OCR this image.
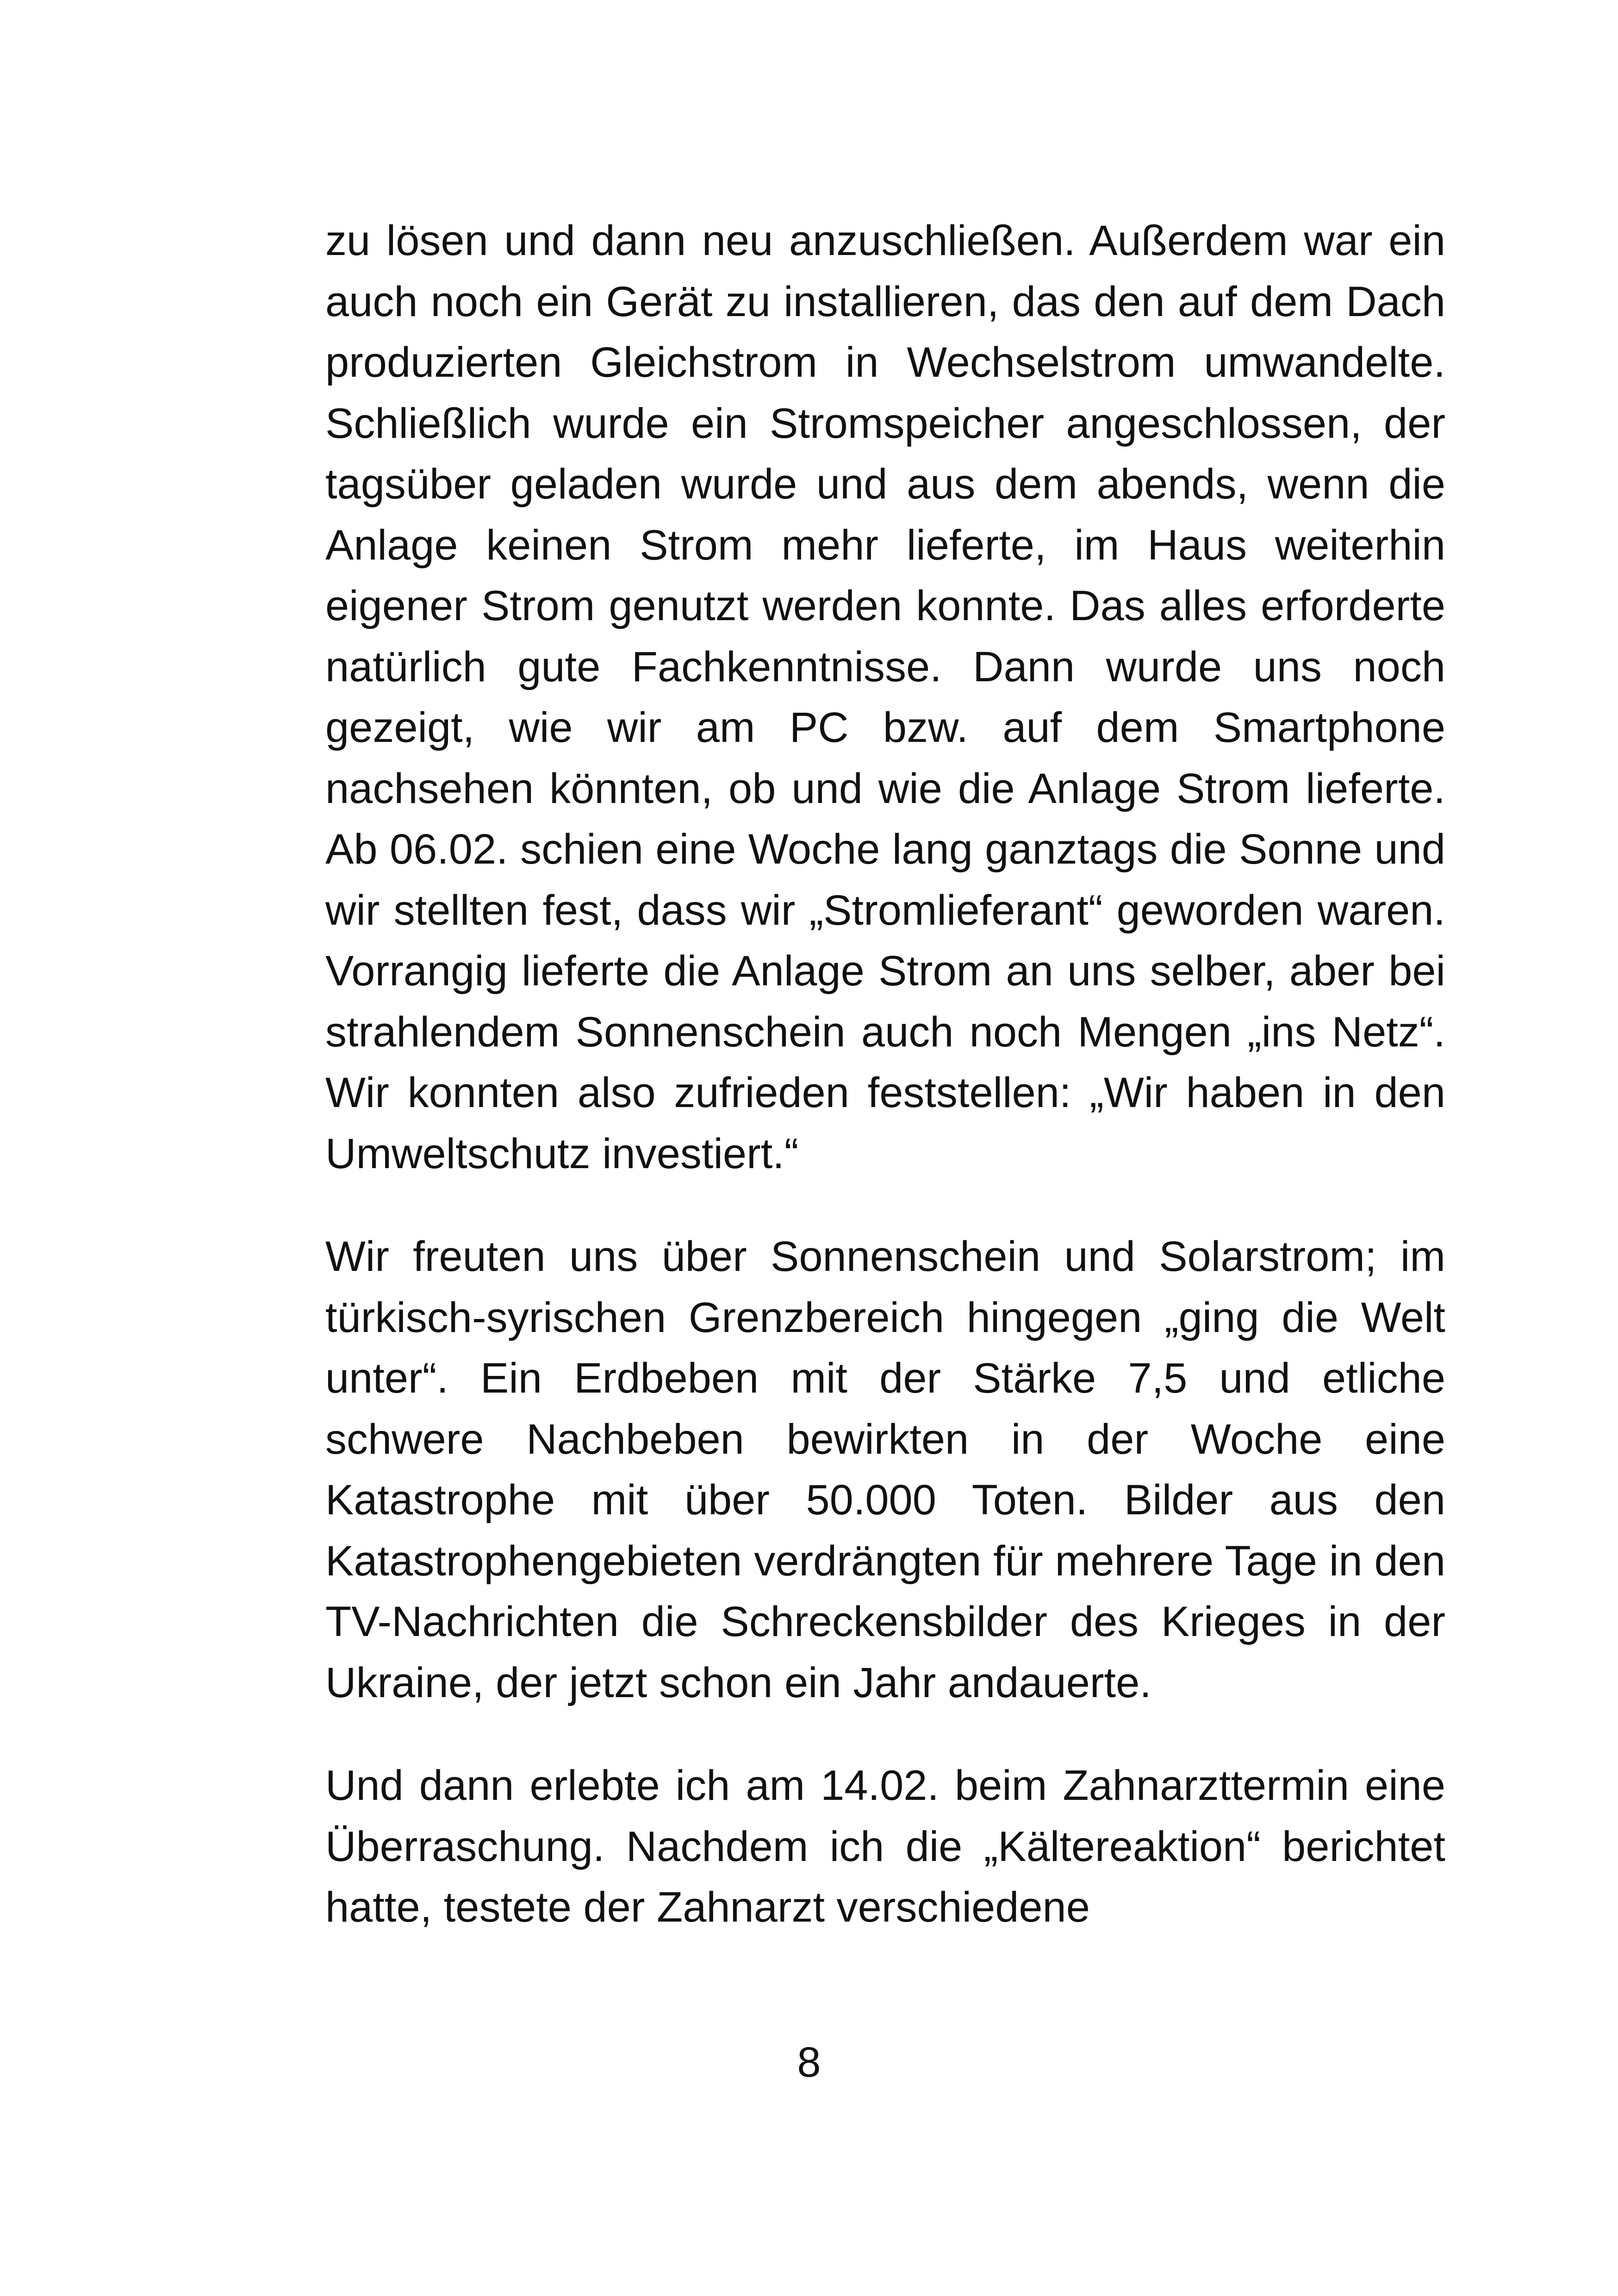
zu lösen und dann neu anzuschließen. Außerdem war ein auch noch ein Gerät zu installieren, das den auf dem Dach produzierten Gleichstrom in Wechselstrom umwandelte. Schließlich wurde ein Stromspeicher angeschlossen, der tagsüber geladen wurde und aus dem abends, wenn die Anlage keinen Strom mehr lieferte, im Haus weiterhin eigener Strom genutzt werden konnte. Das alles erforderte natürlich gute Fachkenntnisse. Dann wurde uns noch gezeigt, wie wir am PC bzw. auf dem Smartphone nachsehen könnten, ob und wie die Anlage Strom lieferte. Ab 06.02. schien eine Woche lang ganztags die Sonne und wir stellten fest, dass wir „Stromlieferant“ geworden waren. Vorrangig lieferte die Anlage Strom an uns selber, aber bei strahlendem Sonnenschein auch noch Mengen „ins Netz“. Wir konnten also zufrieden feststellen: „Wir haben in den Umweltschutz investiert.“

Wir freuten uns über Sonnenschein und Solarstrom; im türkisch-syrischen Grenzbereich hingegen „ging die Welt unter“. Ein Erdbeben mit der Stärke 7,5 und etliche schwere Nachbeben bewirkten in der Woche eine Katastrophe mit über 50.000 Toten. Bilder aus den Katastrophengebieten verdrängten für mehrere Tage in den TV-Nachrichten die Schreckensbilder des Krieges in der Ukraine, der jetzt schon ein Jahr andauerte.

Und dann erlebte ich am 14.02. beim Zahnarzttermin eine Überraschung. Nachdem ich die „Kältereaktion“ berichtet hatte, testete der Zahnarzt verschiedene

8
